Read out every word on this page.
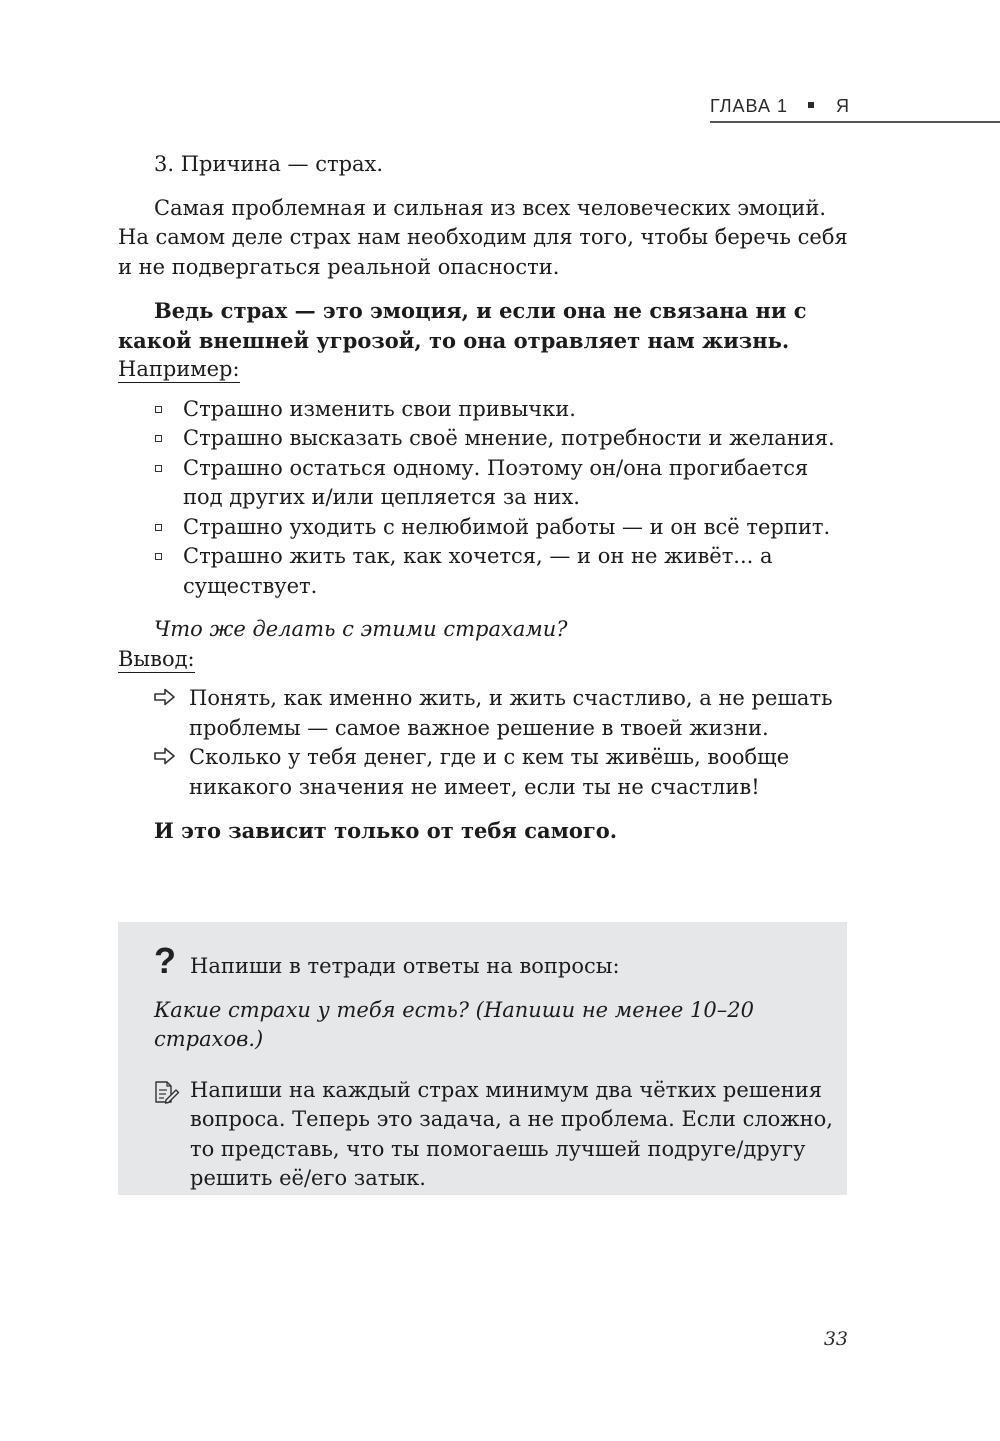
ГЛАВА 1	Я

3. Причина — страх.

Самая проблемная и сильная из всех человеческих эмоций. На самом деле страх нам необходим для того, чтобы беречь себя и не подвергаться реальной опасности.

Ведь страх — это эмоция, и если она не связана ни с какой внешней угрозой, то она отравляет нам жизнь.

Например:

Страшно изменить свои привычки.
Страшно высказать своё мнение, потребности и желания.
Страшно остаться одному. Поэтому он/она прогибается под других и/или цепляется за них.
Страшно уходить с нелюбимой работы — и он всё терпит.
Страшно жить так, как хочется, — и он не живёт... а существует.

Что же делать с этими страхами?

Вывод:

Понять, как именно жить, и жить счастливо, а не решать проблемы — самое важное решение в твоей жизни.
Сколько у тебя денег, где и с кем ты живёшь, вообще никакого значения не имеет, если ты не счастлив!

И это зависит только от тебя самого.

? Напиши в тетради ответы на вопросы:

Какие страхи у тебя есть? (Напиши не менее 10–20 страхов.)

Напиши на каждый страх минимум два чётких решения вопроса. Теперь это задача, а не проблема. Если сложно, то представь, что ты помогаешь лучшей подруге/другу решить её/его затык.
33
